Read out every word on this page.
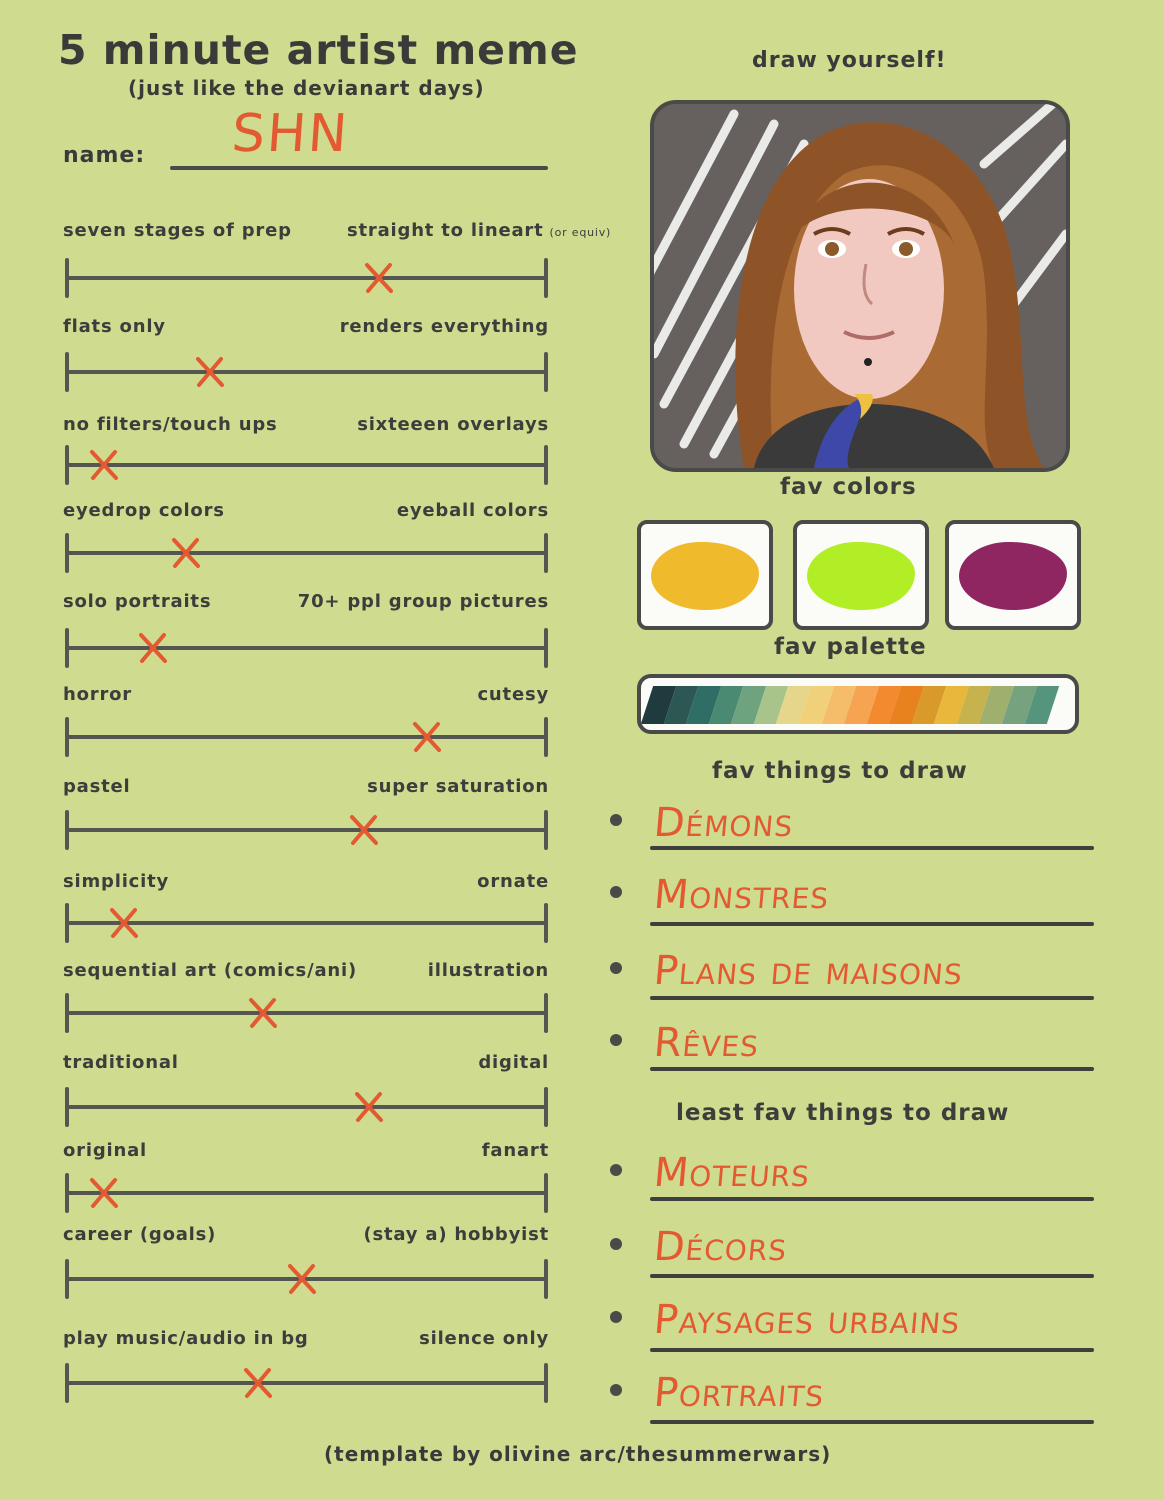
5 minute artist meme
(just like the devianart days)
name: SHN
seven stages of prep	straight to lineart (or equiv)
flats only	renders everything
no filters/touch ups	sixteeen overlays
eyedrop colors	eyeball colors
solo portraits	70+ ppl group pictures
horror	cutesy
pastel	super saturation
simplicity	ornate
sequential art (comics/ani)	illustration
traditional	digital
original	fanart
career (goals)	(stay a) hobbyist
play music/audio in bg	silence only
draw yourself!
fav colors
fav palette
fav things to draw
Démons
Monstres
Plans de maisons
Rêves
least fav things to draw
Moteurs
Décors
Paysages urbains
Portraits
(template by olivine arc/thesummerwars)
